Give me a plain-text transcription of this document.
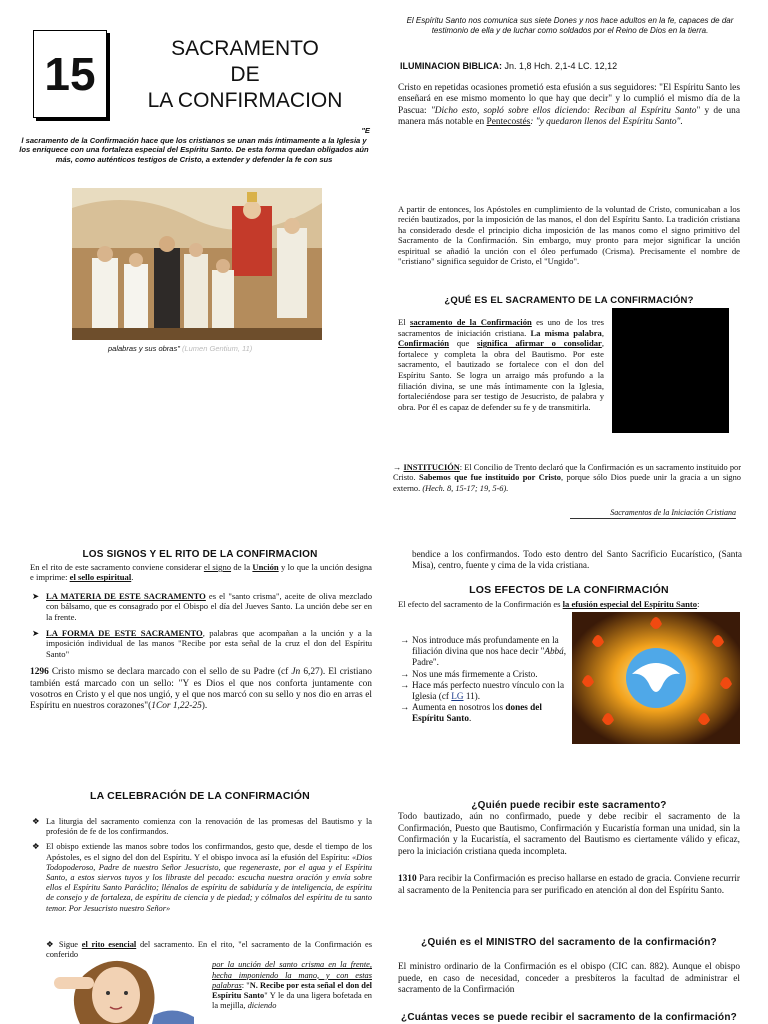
15	SACRAMENTO
DE
LA CONFIRMACION
El Espíritu Santo nos comunica sus siete Dones y nos hace adultos en la fe, capaces de dar testimonio de ella y de luchar como soldados por el Reino de Dios en la tierra.
ILUMINACION BIBLICA: Jn. 1,8 Hch. 2,1-4 LC. 12,12
Cristo en repetidas ocasiones prometió esta efusión a sus seguidores: "El Espíritu Santo les enseñará en ese mismo momento lo que hay que decir" y lo cumplió el mismo día de la Pascua: "Dicho esto, sopló sobre ellos diciendo: Reciban al Espíritu Santo" y de una manera más notable en Pentecostés: "y quedaron llenos del Espíritu Santo".
"E
l sacramento de la Confirmación hace que los cristianos se unan más íntimamente a la Iglesia y los enriquece con una fortaleza especial del Espíritu Santo. De esta forma quedan obligados aún más, como auténticos testigos de Cristo, a extender y defender la fe con sus
palabras y sus obras" (Lumen Gentium, 11)
A partir de entonces, los Apóstoles en cumplimiento de la voluntad de Cristo, comunicaban a los recién bautizados, por la imposición de las manos, el don del Espíritu Santo. La tradición cristiana ha considerado desde el principio dicha imposición de las manos como el signo primitivo del Sacramento de la Confirmación. Sin embargo, muy pronto para mejor significar la unción espiritual se añadió la unción con el óleo perfumado (Crisma). Precisamente el nombre de "cristiano" significa seguidor de Cristo, el "Ungido".
¿QUÉ ES EL SACRAMENTO DE LA CONFIRMACIÓN?
El sacramento de la Confirmación es uno de los tres sacramentos de iniciación cristiana. La misma palabra, Confirmación que significa afirmar o consolidar, fortalece y completa la obra del Bautismo. Por este sacramento, el bautizado se fortalece con el don del Espíritu Santo. Se logra un arraigo más profundo a la filiación divina, se une más íntimamente con la Iglesia, fortaleciéndose para ser testigo de Jesucristo, de palabra y obra. Por él es capaz de defender su fe y de transmitirla.
→ INSTITUCIÓN: El Concilio de Trento declaró que la Confirmación es un sacramento instituido por Cristo. Sabemos que fue instituido por Cristo, porque sólo Dios puede unir la gracia a un signo externo. (Hech. 8, 15-17; 19, 5-6).
Sacramentos de la Iniciación Cristiana
LOS SIGNOS Y EL RITO DE LA CONFIRMACION

En el rito de este sacramento conviene considerar el signo de la Unción y lo que la unción designa e imprime: el sello espiritual.

➤ LA MATERIA DE ESTE SACRAMENTO es el "santo crisma", aceite de oliva mezclado con bálsamo, que es consagrado por el Obispo el día del Jueves Santo. La unción debe ser en la frente.
➤ LA FORMA DE ESTE SACRAMENTO, palabras que acompañan a la unción y a la imposición individual de las manos "Recibe por esta señal de la cruz el don del Espíritu Santo"

1296 Cristo mismo se declara marcado con el sello de su Padre (cf Jn 6,27). El cristiano también está marcado con un sello: "Y es Dios el que nos conforta juntamente con vosotros en Cristo y el que nos ungió, y el que nos marcó con su sello y nos dio en arras el Espíritu en nuestros corazones"(1Cor 1,22-25).

bendice a los confirmandos. Todo esto dentro del Santo Sacrificio Eucarístico, (Santa Misa), centro, fuente y cima de la vida cristiana.
LOS EFECTOS DE LA CONFIRMACIÓN
El efecto del sacramento de la Confirmación es la efusión especial del Espíritu Santo:
→ Nos introduce más profundamente en la filiación divina que nos hace decir "Abbá, Padre".
→ Nos une más firmemente a Cristo.
→ Hace más perfecto nuestro vínculo con la Iglesia (cf LG 11).
→ Aumenta en nosotros los dones del Espíritu Santo.
LA CELEBRACIÓN DE LA CONFIRMACIÓN
❖ La liturgia del sacramento comienza con la renovación de las promesas del Bautismo y la profesión de fe de los confirmandos.
❖ El obispo extiende las manos sobre todos los confirmandos, gesto que, desde el tiempo de los Apóstoles, es el signo del don del Espíritu. Y el obispo invoca así la efusión del Espíritu: «Dios Todopoderoso, Padre de nuestro Señor Jesucristo, que regeneraste, por el agua y el Espíritu Santo, a estos siervos tuyos y los libraste del pecado: escucha nuestra oración y envía sobre ellos el Espíritu Santo Paráclito; llénalos de espíritu de sabiduría y de inteligencia, de espíritu de consejo y de fortaleza, de espíritu de ciencia y de piedad; y cólmalos del espíritu de tu santo temor. Por Jesucristo nuestro Señor»
❖ Sigue el rito esencial del sacramento. En el rito, "el sacramento de la Confirmación es conferido
por la unción del santo crisma en la frente, hecha imponiendo la mano, y con estas palabras: "N. Recibe por esta señal el don del Espíritu Santo" Y le da una ligera bofetada en la mejilla, diciendo
¿Quién puede recibir este sacramento?
Todo bautizado, aún no confirmado, puede y debe recibir el sacramento de la Confirmación, Puesto que Bautismo, Confirmación y Eucaristía forman una unidad, sin la Confirmación y la Eucaristía, el sacramento del Bautismo es ciertamente válido y eficaz, pero la iniciación cristiana queda incompleta.
1310 Para recibir la Confirmación es preciso hallarse en estado de gracia. Conviene recurrir al sacramento de la Penitencia para ser purificado en atención al don del Espíritu Santo.
¿Quién es el MINISTRO del sacramento de la confirmación?
El ministro ordinario de la Confirmación es el obispo (CIC can. 882). Aunque el obispo puede, en caso de necesidad, conceder a presbíteros la facultad de administrar el sacramento de la Confirmación
¿Cuántas veces se puede recibir el sacramento de la confirmación?
